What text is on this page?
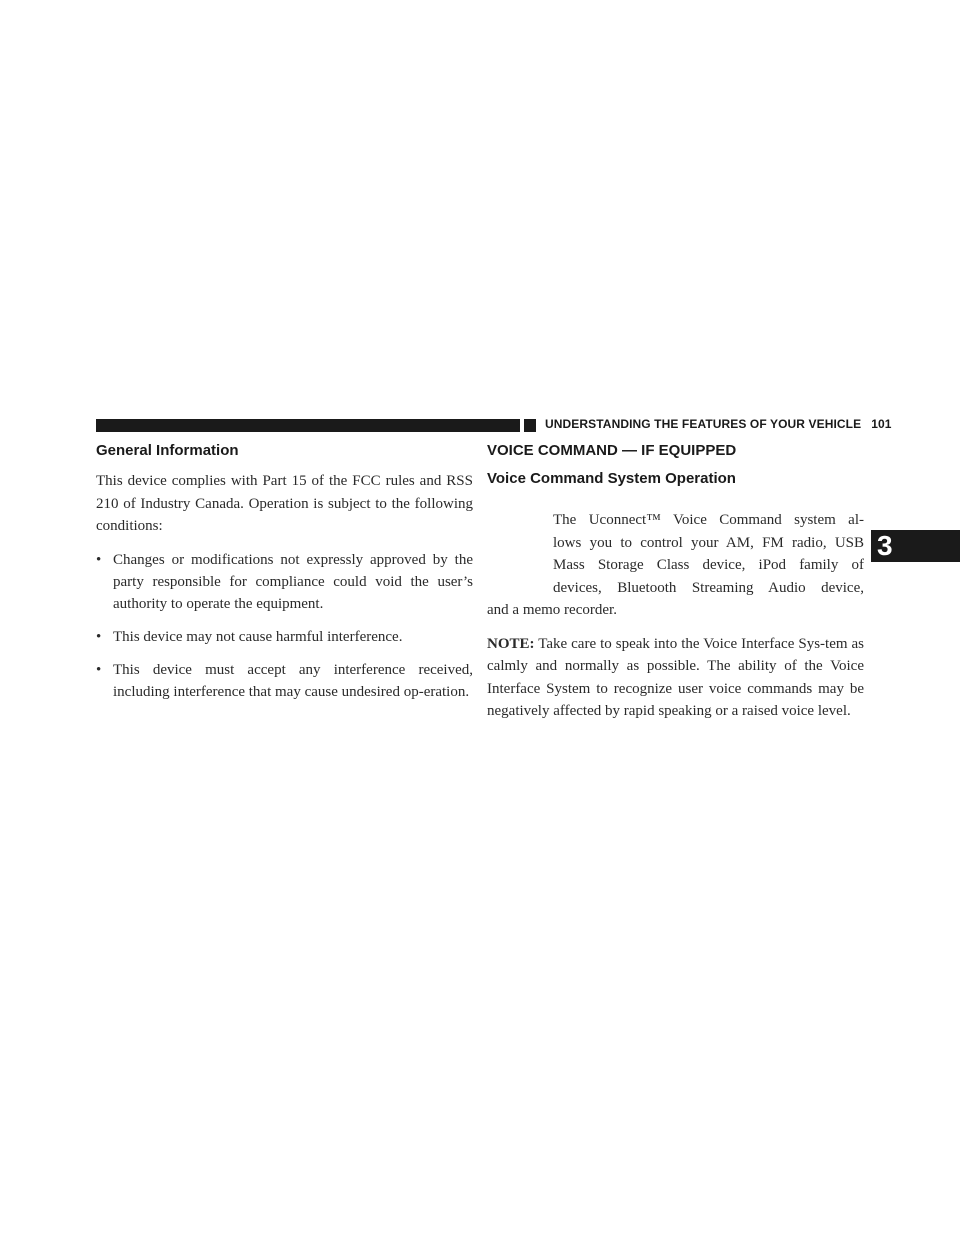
UNDERSTANDING THE FEATURES OF YOUR VEHICLE 101
3
General Information

This device complies with Part 15 of the FCC rules and RSS 210 of Industry Canada. Operation is subject to the following conditions:

• Changes or modifications not expressly approved by the party responsible for compliance could void the user’s authority to operate the equipment.
• This device may not cause harmful interference.
• This device must accept any interference received, including interference that may cause undesired op-eration.
VOICE COMMAND — IF EQUIPPED
Voice Command System Operation
The Uconnect™ Voice Command system al-
lows you to control your AM, FM radio, USB
Mass Storage Class device, iPod family of
devices, Bluetooth Streaming Audio device,
and a memo recorder.

NOTE: Take care to speak into the Voice Interface Sys-tem as calmly and normally as possible. The ability of the Voice Interface System to recognize user voice commands may be negatively affected by rapid speaking or a raised voice level.
